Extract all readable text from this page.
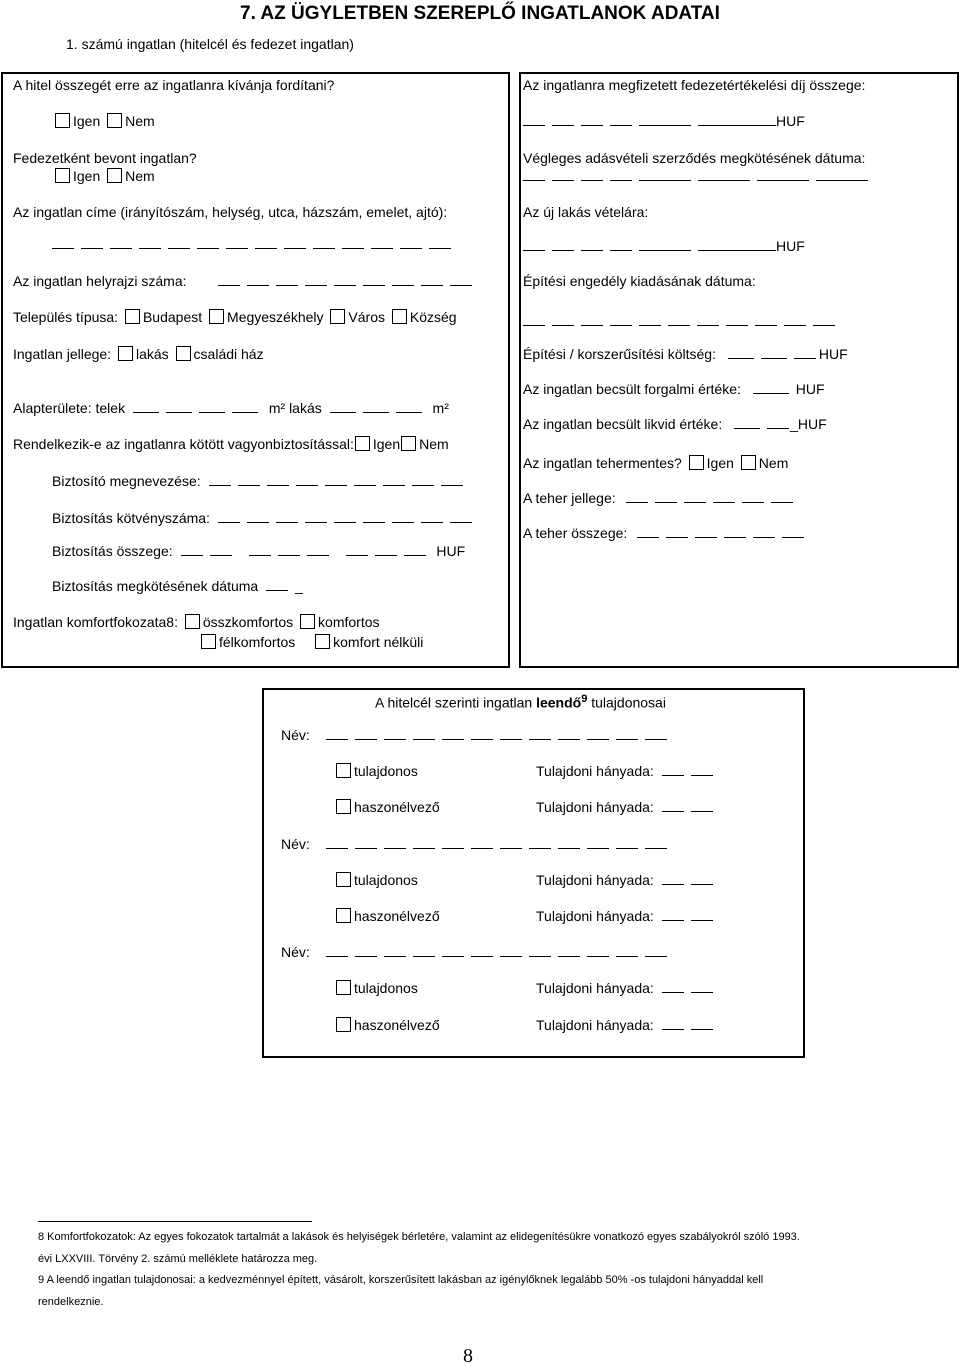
7. AZ ÜGYLETBEN SZEREPLŐ INGATLANOK ADATAI
1. számú ingatlan (hitelcél és fedezet ingatlan)
A hitel összegét erre az ingatlanra kívánja fordítani?
Igen Nem
Fedezetként bevont ingatlan?
Igen Nem
Az ingatlan címe (irányítószám, helység, utca, házszám, emelet, ajtó):
Az ingatlan helyrajzi száma:
Település típusa: Budapest Megyeszékhely Város Község
Ingatlan jellege: lakás családi ház
Alapterülete: telek	m² lakás	m²
Rendelkezik-e az ingatlanra kötött vagyonbiztosítással: Igen Nem
Biztosító megnevezése:
Biztosítás kötvényszáma:
Biztosítás összege:	HUF
Biztosítás megkötésének dátuma	_
Ingatlan komfortfokozata8: összkomfortos komfortos
félkomfortos	komfort nélküli
Az ingatlanra megfizetett fedezetértékelési díj összege:
HUF
Végleges adásvételi szerződés megkötésének dátuma:
Az új lakás vételára:
HUF
Építési engedély kiadásának dátuma:
Építési / korszerűsítési költség:	HUF
Az ingatlan becsült forgalmi értéke:	HUF
Az ingatlan becsült likvid értéke:	_HUF
Az ingatlan tehermentes? Igen Nem
A teher jellege:
A teher összege:
A hitelcél szerinti ingatlan leendő$^9$ tulajdonosai
Név:
tulajdonos	Tulajdoni hányada:
haszonélvező	Tulajdoni hányada:
Név:
tulajdonos	Tulajdoni hányada:
haszonélvező	Tulajdoni hányada:
Név:
tulajdonos	Tulajdoni hányada:
haszonélvező	Tulajdoni hányada:
8 Komfortfokozatok: Az egyes fokozatok tartalmát a lakások és helyiségek bérletére, valamint az elidegenítésükre vonatkozó egyes szabályokról szóló 1993.
évi LXXVIII. Törvény 2. számú melléklete határozza meg.
9 A leendő ingatlan tulajdonosai: a kedvezménnyel épített, vásárolt, korszerűsített lakásban az igénylőknek legalább 50% -os tulajdoni hányaddal kell
rendelkeznie.
8
